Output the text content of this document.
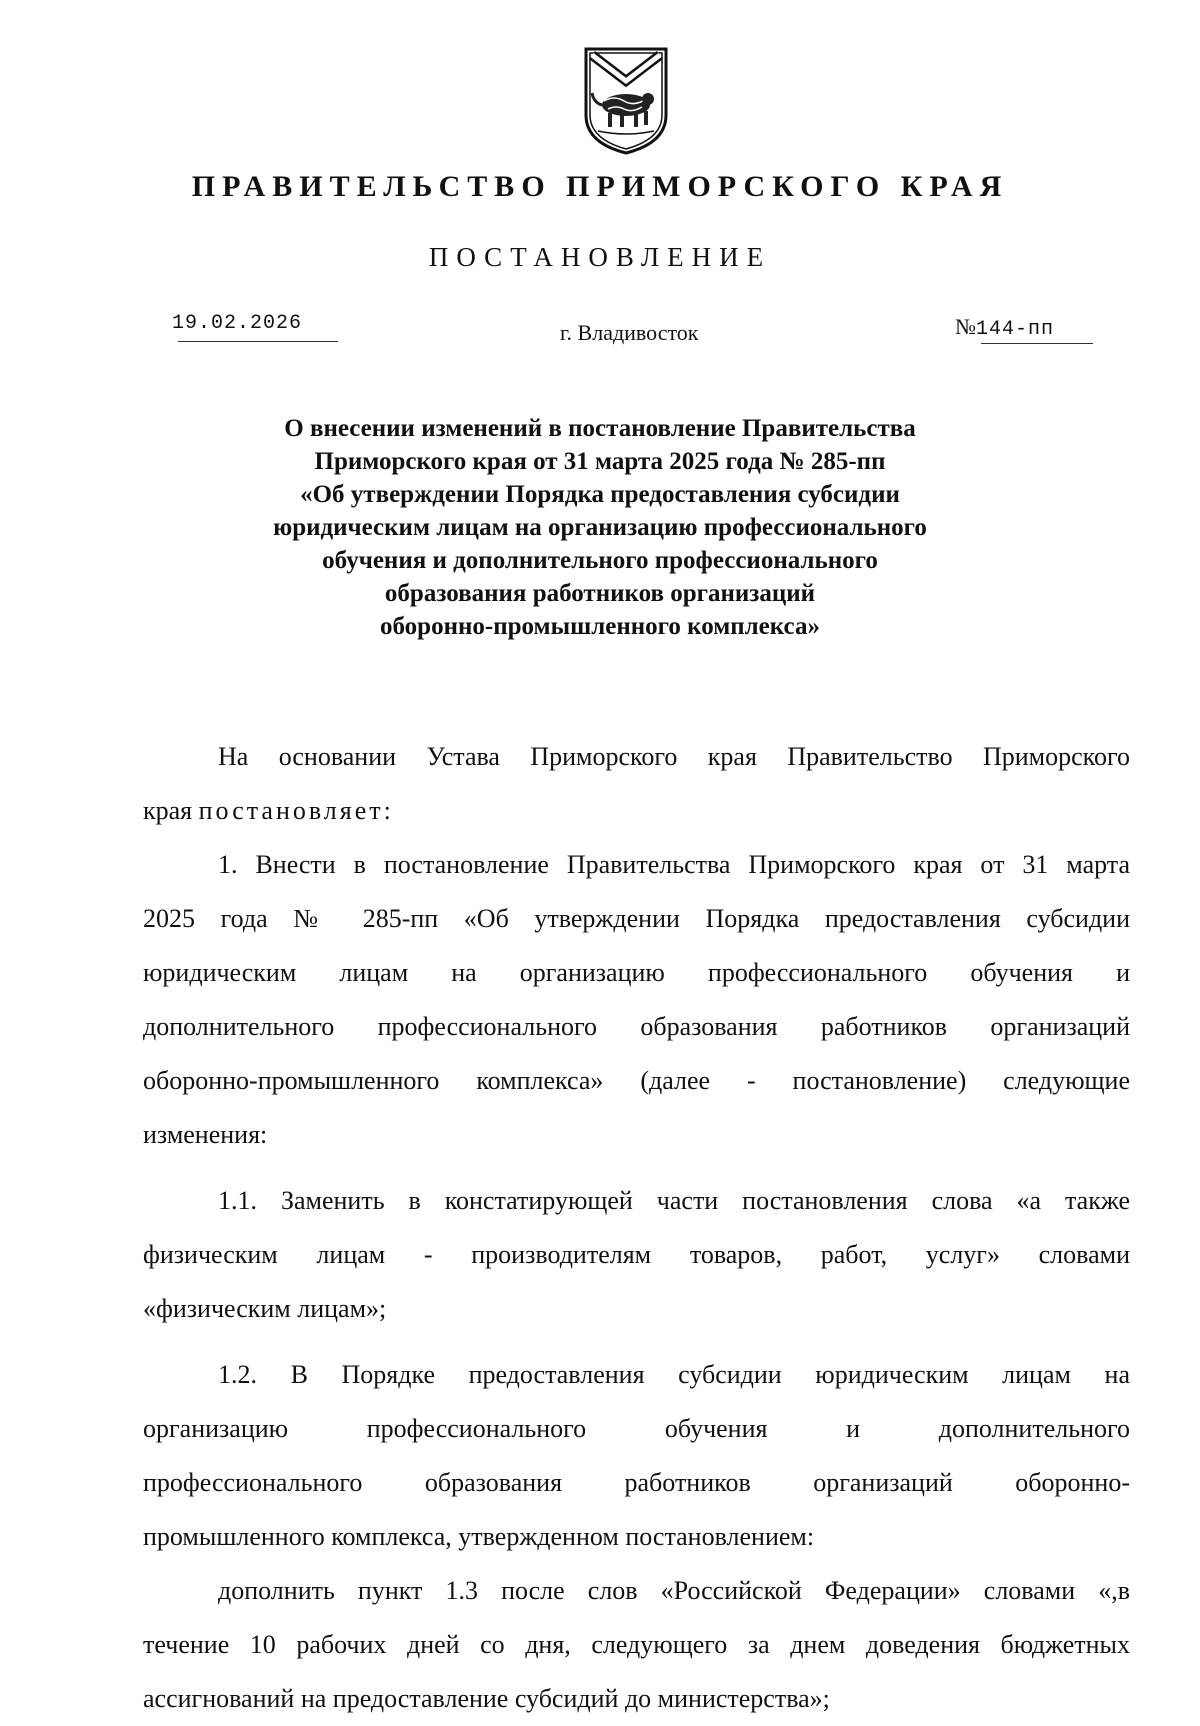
ПРАВИТЕЛЬСТВО ПРИМОРСКОГО КРАЯ
ПОСТАНОВЛЕНИЕ
19.02.2026	г. Владивосток	№144-пп
О внесении изменений в постановление Правительства
Приморского края от 31 марта 2025 года № 285-пп
«Об утверждении Порядка предоставления субсидии
юридическим лицам на организацию профессионального
обучения и дополнительного профессионального
образования работников организаций
оборонно-промышленного комплекса»
На основании Устава Приморского края Правительство Приморского
края постановляет:
1. Внести в постановление Правительства Приморского края от 31 марта
2025 года № 285-пп «Об утверждении Порядка предоставления субсидии
юридическим лицам на организацию профессионального обучения и
дополнительного профессионального образования работников организаций
оборонно-промышленного комплекса» (далее - постановление) следующие
изменения:
1.1. Заменить в констатирующей части постановления слова «а также
физическим лицам - производителям товаров, работ, услуг» словами
«физическим лицам»;
1.2. В Порядке предоставления субсидии юридическим лицам на
организацию профессионального обучения и дополнительного
профессионального образования работников организаций оборонно-
промышленного комплекса, утвержденном постановлением:
дополнить пункт 1.3 после слов «Российской Федерации» словами «,в
течение 10 рабочих дней со дня, следующего за днем доведения бюджетных
ассигнований на предоставление субсидий до министерства»;
